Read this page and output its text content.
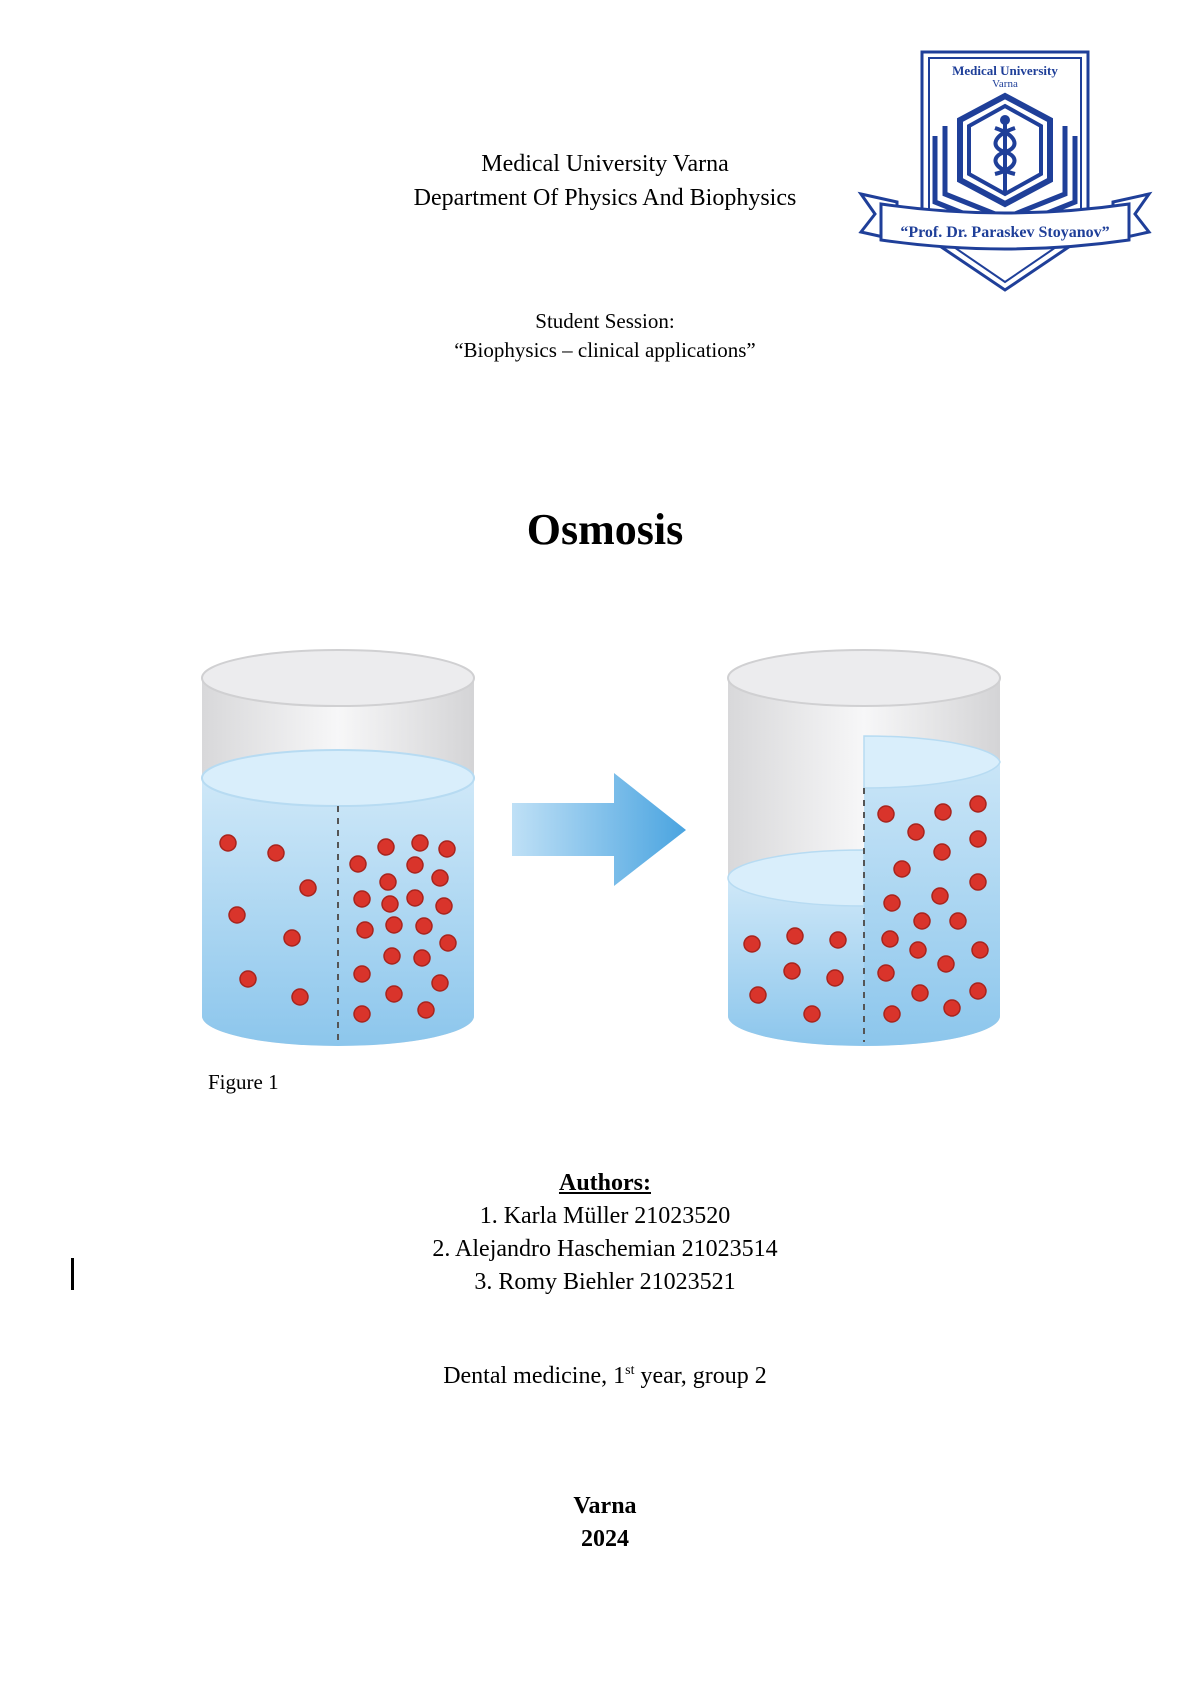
Medical University Varna
Department Of Physics And Biophysics
Medical University
Varna
“Prof. Dr. Paraskev Stoyanov”
Student Session:
“Biophysics – clinical applications”
Osmosis
Figure 1
Authors:
1. Karla Müller 21023520
2. Alejandro Haschemian 21023514
3. Romy Biehler 21023521
Dental medicine, 1st year, group 2
Varna
2024
